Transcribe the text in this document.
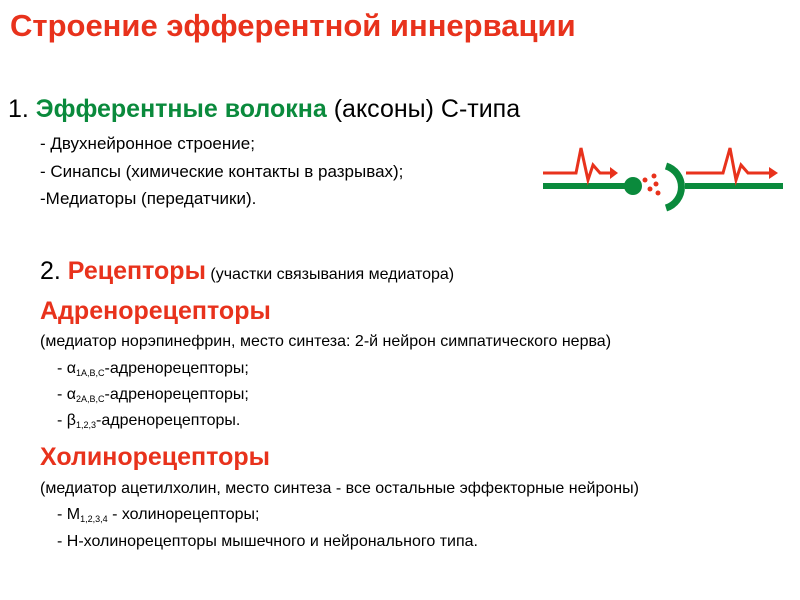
Строение эфферентной иннервации
1. Эфферентные волокна (аксоны) С-типа
- Двухнейронное строение;
- Синапсы (химические контакты в разрывах);
-Медиаторы (передатчики).
2. Рецепторы (участки связывания медиатора)
Адренорецепторы
(медиатор норэпинефрин, место синтеза: 2-й нейрон симпатического нерва)
- $\alpha_{1A,B,C}$-адренорецепторы;
- $\alpha_{2A,B,C}$-адренорецепторы;
- $\beta_{1,2,3}$-адренорецепторы.
Холинорецепторы
(медиатор ацетилхолин, место синтеза - все остальные эффекторные нейроны)
- $М_{1,2,3,4}$ - холинорецепторы;
- Н-холинорецепторы мышечного и нейронального типа.
